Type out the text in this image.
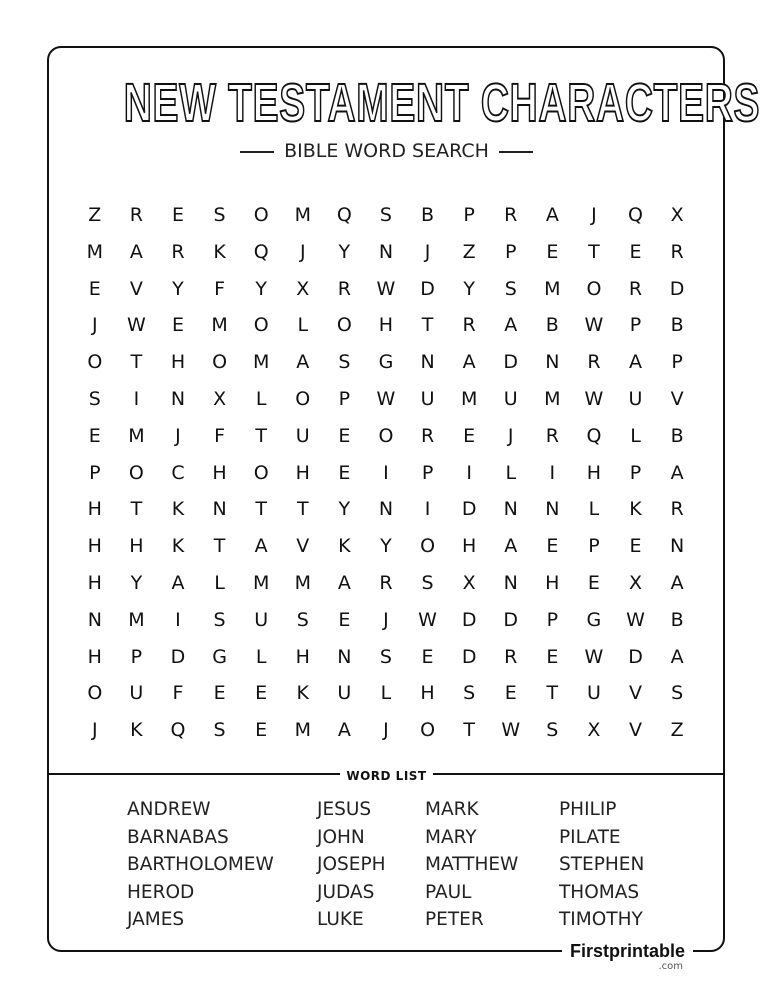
NEW TESTAMENT CHARACTERS
BIBLE WORD SEARCH
Z	R	E	S	O	M	Q	S	B	P	R	A	J	Q	X
M	A	R	K	Q	J	Y	N	J	Z	P	E	T	E	R
E	V	Y	F	Y	X	R	W	D	Y	S	M	O	R	D
J	W	E	M	O	L	O	H	T	R	A	B	W	P	B
O	T	H	O	M	A	S	G	N	A	D	N	R	A	P
S	I	N	X	L	O	P	W	U	M	U	M	W	U	V
E	M	J	F	T	U	E	O	R	E	J	R	Q	L	B
P	O	C	H	O	H	E	I	P	I	L	I	H	P	A
H	T	K	N	T	T	Y	N	I	D	N	N	L	K	R
H	H	K	T	A	V	K	Y	O	H	A	E	P	E	N
H	Y	A	L	M	M	A	R	S	X	N	H	E	X	A
N	M	I	S	U	S	E	J	W	D	D	P	G	W	B
H	P	D	G	L	H	N	S	E	D	R	E	W	D	A
O	U	F	E	E	K	U	L	H	S	E	T	U	V	S
J	K	Q	S	E	M	A	J	O	T	W	S	X	V	Z
WORD LIST
ANDREW
BARNABAS
BARTHOLOMEW
HEROD
JAMES
JESUS
JOHN
JOSEPH
JUDAS
LUKE
MARK
MARY
MATTHEW
PAUL
PETER
PHILIP
PILATE
STEPHEN
THOMAS
TIMOTHY
Firstprintable
.com
